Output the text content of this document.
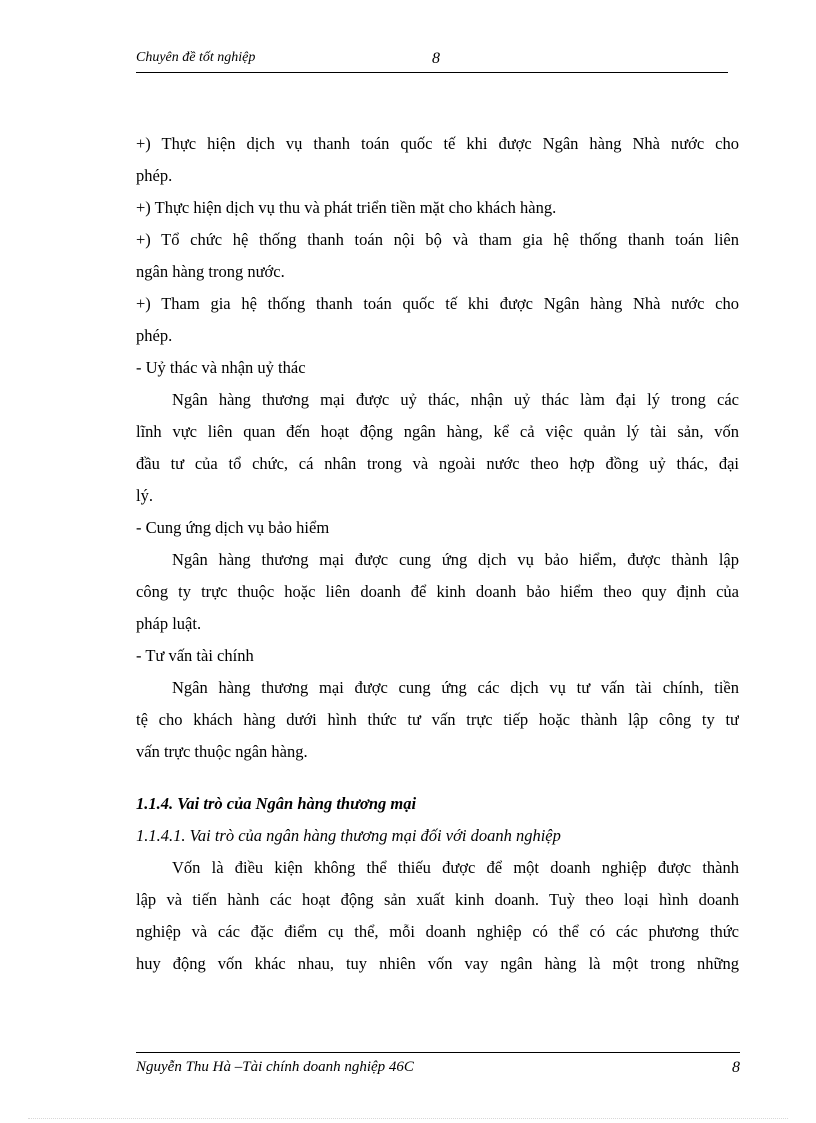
Chuyên đề tốt nghiệp	8
+) Thực hiện dịch vụ thanh toán quốc tế khi được Ngân hàng Nhà nước cho
phép.
+) Thực hiện dịch vụ thu và phát triển tiền mặt cho khách hàng.
+) Tổ chức hệ thống thanh toán nội bộ và tham gia hệ thống thanh toán liên
ngân hàng trong nước.
+) Tham gia hệ thống thanh toán quốc tế khi được Ngân hàng Nhà nước cho
phép.
- Uỷ thác và nhận uỷ thác
Ngân hàng thương mại được uỷ thác, nhận uỷ thác làm đại lý trong các
lĩnh vực liên quan đến hoạt động ngân hàng, kể cả việc quản lý tài sản, vốn
đầu tư của tổ chức, cá nhân trong và ngoài nước theo hợp đồng uỷ thác, đại
lý.
- Cung ứng dịch vụ bảo hiểm
Ngân hàng thương mại được cung ứng dịch vụ bảo hiểm, được thành lập
công ty trực thuộc hoặc liên doanh để kinh doanh bảo hiểm theo quy định của
pháp luật.
- Tư vấn tài chính
Ngân hàng thương mại được cung ứng các dịch vụ tư vấn tài chính, tiền
tệ cho khách hàng dưới hình thức tư vấn trực tiếp hoặc thành lập công ty tư
vấn trực thuộc ngân hàng.
1.1.4. Vai trò của Ngân hàng thương mại
1.1.4.1. Vai trò của ngân hàng thương mại đối với doanh nghiệp
Vốn là điều kiện không thể thiếu được để một doanh nghiệp được thành
lập và tiến hành các hoạt động sản xuất kinh doanh. Tuỳ theo loại hình doanh
nghiệp và các đặc điểm cụ thể, mỗi doanh nghiệp có thể có các phương thức
huy động vốn khác nhau, tuy nhiên vốn vay ngân hàng là một trong những
Nguyễn Thu Hà –Tài chính doanh nghiệp 46C	8
